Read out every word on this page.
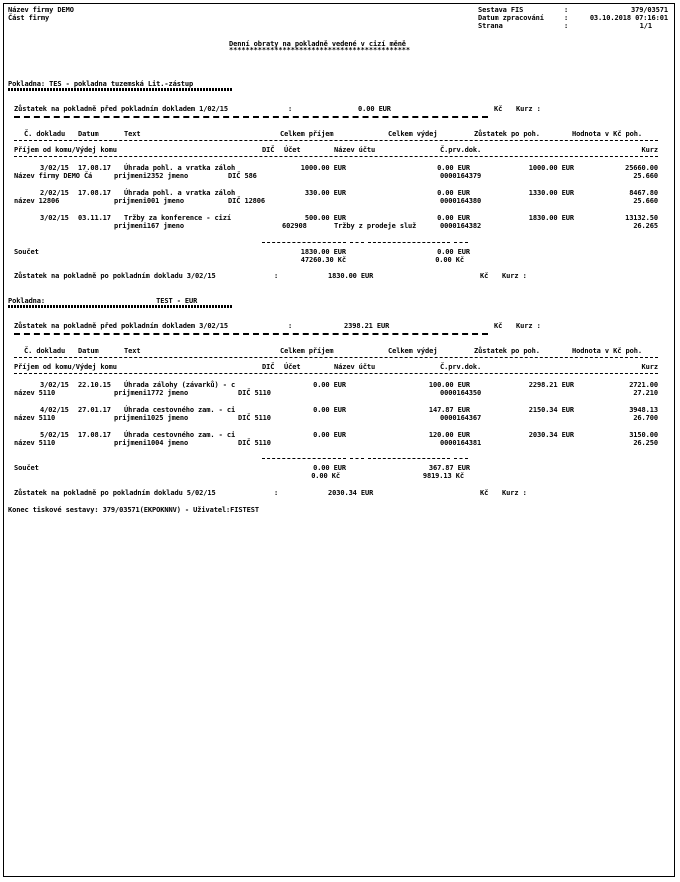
Název firmy DEMO
Část firmy
Sestava FIS	:	379/03571
Datum zpracování	:	03.10.2018 07:16:01
Strana	:	1/1
Denní obraty na pokladně vedené v cizí měně
********************************************
Pokladna: TES - pokladna tuzemská Lit.-zástup
Zůstatek na pokladně před pokladním dokladem 1/02/15	:	0.00 EUR	Kč Kurz :
Č. dokladu Datum	Text	Celkem příjem	Celkem výdej	Zůstatek po poh.	Hodnota v Kč poh.
Příjem od komu/Výdej komu	DIČ Účet	Název účtu	Č.prv.dok.	Kurz
3/02/15 17.08.17 Úhrada pohl. a vratka záloh	1000.00 EUR	0.00 EUR	1000.00 EUR	25660.00
Název firmy DEMO Čá	prijmeni2352 jmeno	DIČ 586	0000164379	25.660
2/02/15 17.08.17 Úhrada pohl. a vratka záloh	330.00 EUR	0.00 EUR	1330.00 EUR	8467.80
název 12806	prijmeni001 jmeno	DIČ 12806	0000164380	25.660
3/02/15 03.11.17 Tržby za konference - cizí	500.00 EUR	0.00 EUR	1830.00 EUR	13132.50
prijmeni167 jmeno	602908	Tržby z prodeje služ	0000164382	26.265
Součet	1830.00 EUR	0.00 EUR
47260.30 Kč	0.00 Kč
Zůstatek na pokladně po pokladním dokladu 3/02/15	:	1830.00 EUR	Kč Kurz :
Pokladna:                           TEST - EUR
Zůstatek na pokladně před pokladním dokladem 3/02/15	:	2398.21 EUR	Kč Kurz :
Č. dokladu Datum	Text	Celkem příjem	Celkem výdej	Zůstatek po poh.	Hodnota v Kč poh.
Příjem od komu/Výdej komu	DIČ Účet	Název účtu	Č.prv.dok.	Kurz
3/02/15 22.10.15 Úhrada zálohy (závarků) - c	0.00 EUR	100.00 EUR	2298.21 EUR	2721.00
název 5110	prijmeni1772 jmeno	DIČ 5110	0000164350	27.210
4/02/15 27.01.17 Úhrada cestovného zam. - ci	0.00 EUR	147.87 EUR	2150.34 EUR	3948.13
název 5110	prijmeni1025 jmeno	DIČ 5110	0000164367	26.700
5/02/15 17.08.17 Úhrada cestovného zam. - ci	0.00 EUR	120.00 EUR	2030.34 EUR	3150.00
název 5110	prijmeni1004 jmeno	DIČ 5110	0000164381	26.250
Součet	0.00 EUR	367.87 EUR
0.00 Kč	9819.13 Kč
Zůstatek na pokladně po pokladním dokladu 5/02/15	:	2030.34 EUR	Kč Kurz :
Konec tiskové sestavy: 379/03571(EKPOKNNV) - Uživatel:FISTEST
